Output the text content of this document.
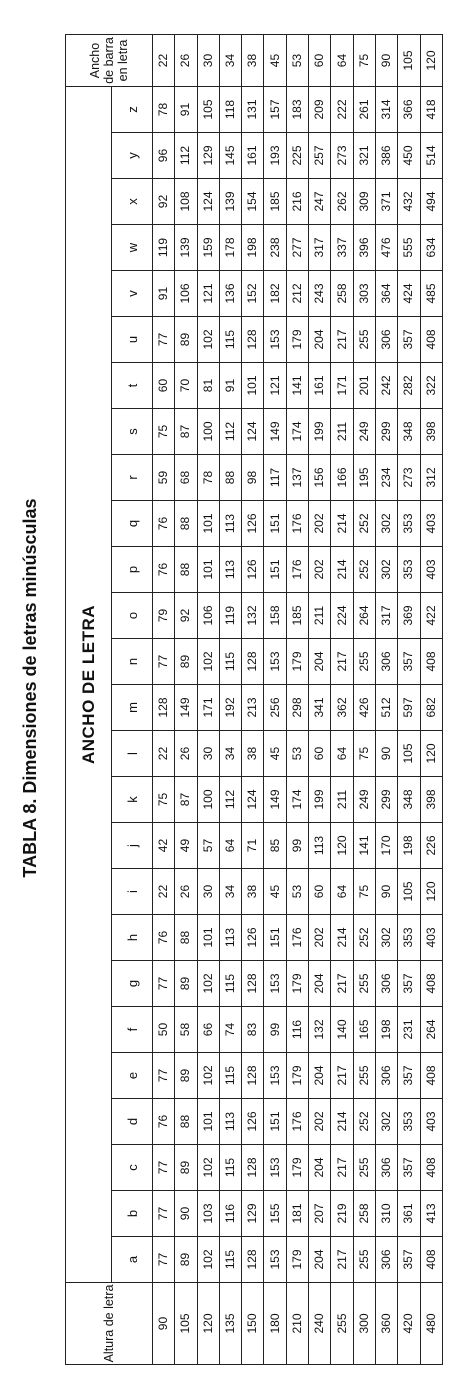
TABLA 8. Dimensiones de letras minúsculas
Altura de letra	ANCHO DE LETRA																										Ancho de barra en letra
	a	b	c	d	e	f	g	h	i	j	k	l	m	n	o	p	q	r	s	t	u	v	w	x	y	z	
90	77	77	77	76	77	50	77	76	22	42	75	22	128	77	79	76	76	59	75	60	77	91	119	92	96	78	22
105	89	90	89	88	89	58	89	88	26	49	87	26	149	89	92	88	88	68	87	70	89	106	139	108	112	91	26
120	102	103	102	101	102	66	102	101	30	57	100	30	171	102	106	101	101	78	100	81	102	121	159	124	129	105	30
135	115	116	115	113	115	74	115	113	34	64	112	34	192	115	119	113	113	88	112	91	115	136	178	139	145	118	34
150	128	129	128	126	128	83	128	126	38	71	124	38	213	128	132	126	126	98	124	101	128	152	198	154	161	131	38
180	153	155	153	151	153	99	153	151	45	85	149	45	256	153	158	151	151	117	149	121	153	182	238	185	193	157	45
210	179	181	179	176	179	116	179	176	53	99	174	53	298	179	185	176	176	137	174	141	179	212	277	216	225	183	53
240	204	207	204	202	204	132	204	202	60	113	199	60	341	204	211	202	202	156	199	161	204	243	317	247	257	209	60
255	217	219	217	214	217	140	217	214	64	120	211	64	362	217	224	214	214	166	211	171	217	258	337	262	273	222	64
300	255	258	255	252	255	165	255	252	75	141	249	75	426	255	264	252	252	195	249	201	255	303	396	309	321	261	75
360	306	310	306	302	306	198	306	302	90	170	299	90	512	306	317	302	302	234	299	242	306	364	476	371	386	314	90
420	357	361	357	353	357	231	357	353	105	198	348	105	597	357	369	353	353	273	348	282	357	424	555	432	450	366	105
480	408	413	408	403	408	264	408	403	120	226	398	120	682	408	422	403	403	312	398	322	408	485	634	494	514	418	120
